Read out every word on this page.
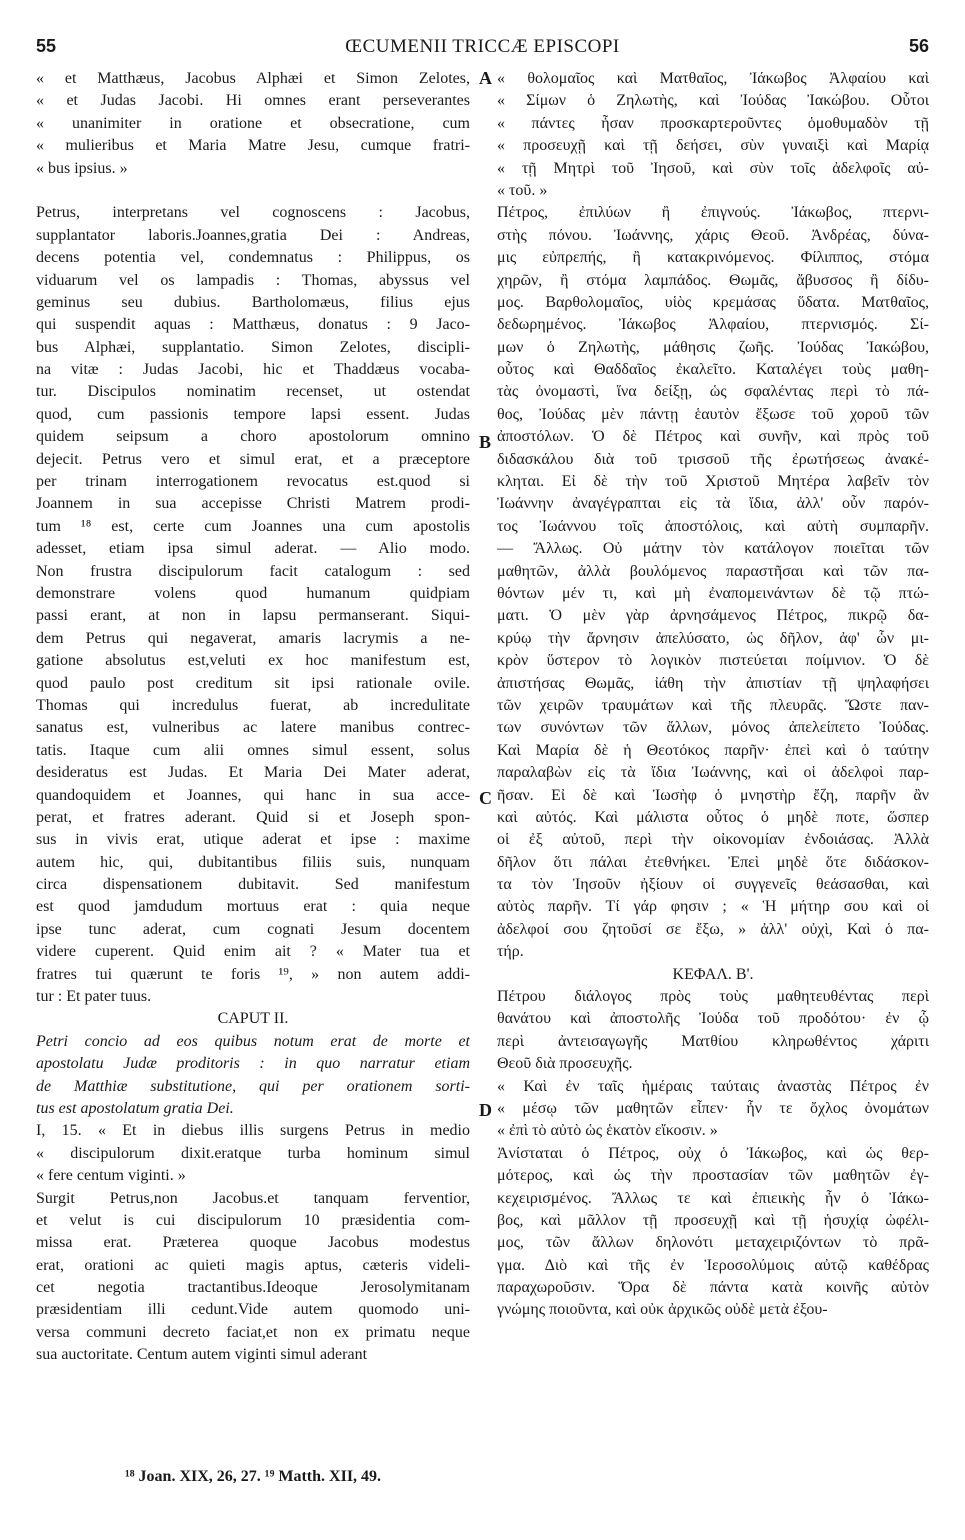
55	ŒCUMENII TRICCÆ EPISCOPI	56
A
B
C
D
« et Matthæus, Jacobus Alphæi et Simon Zelotes,
« et Judas Jacobi. Hi omnes erant perseverantes
« unanimiter in oratione et obsecratione, cum
« mulieribus et Maria Matre Jesu, cumque fratri-
« bus ipsius. »
Petrus, interpretans vel cognoscens : Jacobus,
supplantator laboris.Joannes,gratia Dei : Andreas,
decens potentia vel, condemnatus : Philippus, os
viduarum vel os lampadis : Thomas, abyssus vel
geminus seu dubius. Bartholomæus, filius ejus
qui suspendit aquas : Matthæus, donatus : 9 Jaco-
bus Alphæi, supplantatio. Simon Zelotes, discipli-
na vitæ : Judas Jacobi, hic et Thaddæus vocaba-
tur. Discipulos nominatim recenset, ut ostendat
quod, cum passionis tempore lapsi essent. Judas
quidem seipsum a choro apostolorum omnino
dejecit. Petrus vero et simul erat, et a præceptore
per trinam interrogationem revocatus est.quod si
Joannem in sua accepisse Christi Matrem prodi-
tum ¹⁸ est, certe cum Joannes una cum apostolis
adesset, etiam ipsa simul aderat. — Alio modo.
Non frustra discipulorum facit catalogum : sed
demonstrare volens quod humanum quidpiam
passi erant, at non in lapsu permanserant. Siqui-
dem Petrus qui negaverat, amaris lacrymis a ne-
gatione absolutus est,veluti ex hoc manifestum est,
quod paulo post creditum sit ipsi rationale ovile.
Thomas qui incredulus fuerat, ab incredulitate
sanatus est, vulneribus ac latere manibus contrec-
tatis. Itaque cum alii omnes simul essent, solus
desideratus est Judas. Et Maria Dei Mater aderat,
quandoquidem et Joannes, qui hanc in sua acce-
perat, et fratres aderant. Quid si et Joseph spon-
sus in vivis erat, utique aderat et ipse : maxime
autem hic, qui, dubitantibus filiis suis, nunquam
circa dispensationem dubitavit. Sed manifestum
est quod jamdudum mortuus erat : quia neque
ipse tunc aderat, cum cognati Jesum docentem
videre cuperent. Quid enim ait ? « Mater tua et
fratres tui quærunt te foris ¹⁹, » non autem addi-
tur : Et pater tuus.
CAPUT II.
Petri concio ad eos quibus notum erat de morte et
apostolatu Judæ proditoris : in quo narratur etiam
de Matthiæ substitutione, qui per orationem sorti-
tus est apostolatum gratia Dei.
I, 15. « Et in diebus illis surgens Petrus in medio
« discipulorum dixit.eratque turba hominum simul
« fere centum viginti. »
Surgit Petrus,non Jacobus.et tanquam ferventior,
et velut is cui discipulorum 10 præsidentia com-
missa erat. Præterea quoque Jacobus modestus
erat, orationi ac quieti magis aptus, cæteris videli-
cet negotia tractantibus.Ideoque Jerosolymitanam
præsidentiam illi cedunt.Vide autem quomodo uni-
versa communi decreto faciat,et non ex primatu neque
sua auctoritate. Centum autem viginti simul aderant
« θολομαῖος καὶ Ματθαῖος, Ἰάκωβος Ἀλφαίου καὶ
« Σίμων ὁ Ζηλωτὴς, καὶ Ἰούδας Ἰακώβου. Οὗτοι
« πάντες ἦσαν προσκαρτεροῦντες ὁμοθυμαδὸν τῇ
« προσευχῇ καὶ τῇ δεήσει, σὺν γυναιξὶ καὶ Μαρίᾳ
« τῇ Μητρὶ τοῦ Ἰησοῦ, καὶ σὺν τοῖς ἀδελφοῖς αὐ-
« τοῦ. »
Πέτρος, ἐπιλύων ἢ ἐπιγνούς. Ἰάκωβος, πτερνι-
στὴς πόνου. Ἰωάννης, χάρις Θεοῦ. Ἀνδρέας, δύνα-
μις εὐπρεπής, ἢ κατακρινόμενος. Φίλιππος, στόμα
χηρῶν, ἢ στόμα λαμπάδος. Θωμᾶς, ἄβυσσος ἢ δίδυ-
μος. Βαρθολομαῖος, υἱὸς κρεμάσας ὕδατα. Ματθαῖος,
δεδωρημένος. Ἰάκωβος Ἀλφαίου, πτερνισμός. Σί-
μων ὁ Ζηλωτὴς, μάθησις ζωῆς. Ἰούδας Ἰακώβου,
οὗτος καὶ Θαδδαῖος ἐκαλεῖτο. Καταλέγει τοὺς μαθη-
τὰς ὀνομαστὶ, ἵνα δείξῃ, ὡς σφαλέντας περὶ τὸ πά-
θος, Ἰούδας μὲν πάντῃ ἑαυτὸν ἔξωσε τοῦ χοροῦ τῶν
ἀποστόλων. Ὁ δὲ Πέτρος καὶ συνῆν, καὶ πρὸς τοῦ
διδασκάλου διὰ τοῦ τρισσοῦ τῆς ἐρωτήσεως ἀνακέ-
κληται. Εἰ δὲ τὴν τοῦ Χριστοῦ Μητέρα λαβεῖν τὸν
Ἰωάννην ἀναγέγραπται εἰς τὰ ἴδια, ἀλλ' οὖν παρόν-
τος Ἰωάννου τοῖς ἀποστόλοις, καὶ αὐτὴ συμπαρῆν.
— Ἄλλως. Οὐ μάτην τὸν κατάλογον ποιεῖται τῶν
μαθητῶν, ἀλλὰ βουλόμενος παραστῆσαι καὶ τῶν πα-
θόντων μέν τι, καὶ μὴ ἐναπομεινάντων δὲ τῷ πτώ-
ματι. Ὁ μὲν γὰρ ἀρνησάμενος Πέτρος, πικρῷ δα-
κρύῳ τὴν ἄρνησιν ἀπελύσατο, ὡς δῆλον, ἀφ' ὧν μι-
κρὸν ὕστερον τὸ λογικὸν πιστεύεται ποίμνιον. Ὁ δὲ
ἀπιστήσας Θωμᾶς, ἰάθη τὴν ἀπιστίαν τῇ ψηλαφήσει
τῶν χειρῶν τραυμάτων καὶ τῆς πλευρᾶς. Ὥστε παν-
των συνόντων τῶν ἄλλων, μόνος ἀπελείπετο Ἰούδας.
Καὶ Μαρία δὲ ἡ Θεοτόκος παρῆν· ἐπεὶ καὶ ὁ ταύτην
παραλαβὼν εἰς τὰ ἴδια Ἰωάννης, καὶ οἱ ἀδελφοὶ παρ-
ῆσαν. Εἰ δὲ καὶ Ἰωσὴφ ὁ μνηστὴρ ἔζη, παρῆν ἂν
καὶ αὐτός. Καὶ μάλιστα οὗτος ὁ μηδὲ ποτε, ὥσπερ
οἱ ἐξ αὐτοῦ, περὶ τὴν οἰκονομίαν ἐνδοιάσας. Ἀλλὰ
δῆλον ὅτι πάλαι ἐτεθνήκει. Ἐπεὶ μηδὲ ὅτε διδάσκον-
τα τὸν Ἰησοῦν ἠξίουν οἱ συγγενεῖς θεάσασθαι, καὶ
αὐτὸς παρῆν. Τί γάρ φησιν ; « Ἡ μήτηρ σου καὶ οἱ
ἀδελφοί σου ζητοῦσί σε ἔξω, » ἀλλ' οὐχὶ, Καὶ ὁ πα-
τήρ.
ΚΕΦΑΛ. Β'.
Πέτρου διάλογος πρὸς τοὺς μαθητευθέντας περὶ
θανάτου καὶ ἀποστολῆς Ἰούδα τοῦ προδότου· ἐν ᾧ
περὶ ἀντεισαγωγῆς Ματθίου κληρωθέντος χάριτι
Θεοῦ διὰ προσευχῆς.
« Καὶ ἐν ταῖς ἡμέραις ταύταις ἀναστὰς Πέτρος ἐν
« μέσῳ τῶν μαθητῶν εἶπεν· ἦν τε ὄχλος ὀνομάτων
« ἐπὶ τὸ αὐτὸ ὡς ἑκατὸν εἴκοσιν. »
Ἀνίσταται ὁ Πέτρος, οὐχ ὁ Ἰάκωβος, καὶ ὡς θερ-
μότερος, καὶ ὡς τὴν προστασίαν τῶν μαθητῶν ἐγ-
κεχειρισμένος. Ἄλλως τε καὶ ἐπιεικὴς ἦν ὁ Ἰάκω-
βος, καὶ μᾶλλον τῇ προσευχῇ καὶ τῇ ἡσυχίᾳ ὠφέλι-
μος, τῶν ἄλλων δηλονότι μεταχειριζόντων τὸ πρᾶ-
γμα. Διὸ καὶ τῆς ἐν Ἱεροσολύμοις αὐτῷ καθέδρας
παραχωροῦσιν. Ὅρα δὲ πάντα κατὰ κοινῆς αὐτὸν
γνώμης ποιοῦντα, καὶ οὐκ ἀρχικῶς οὐδὲ μετὰ ἐξου-
¹⁸ Joan. XIX, 26, 27. ¹⁹ Matth. XII, 49.
